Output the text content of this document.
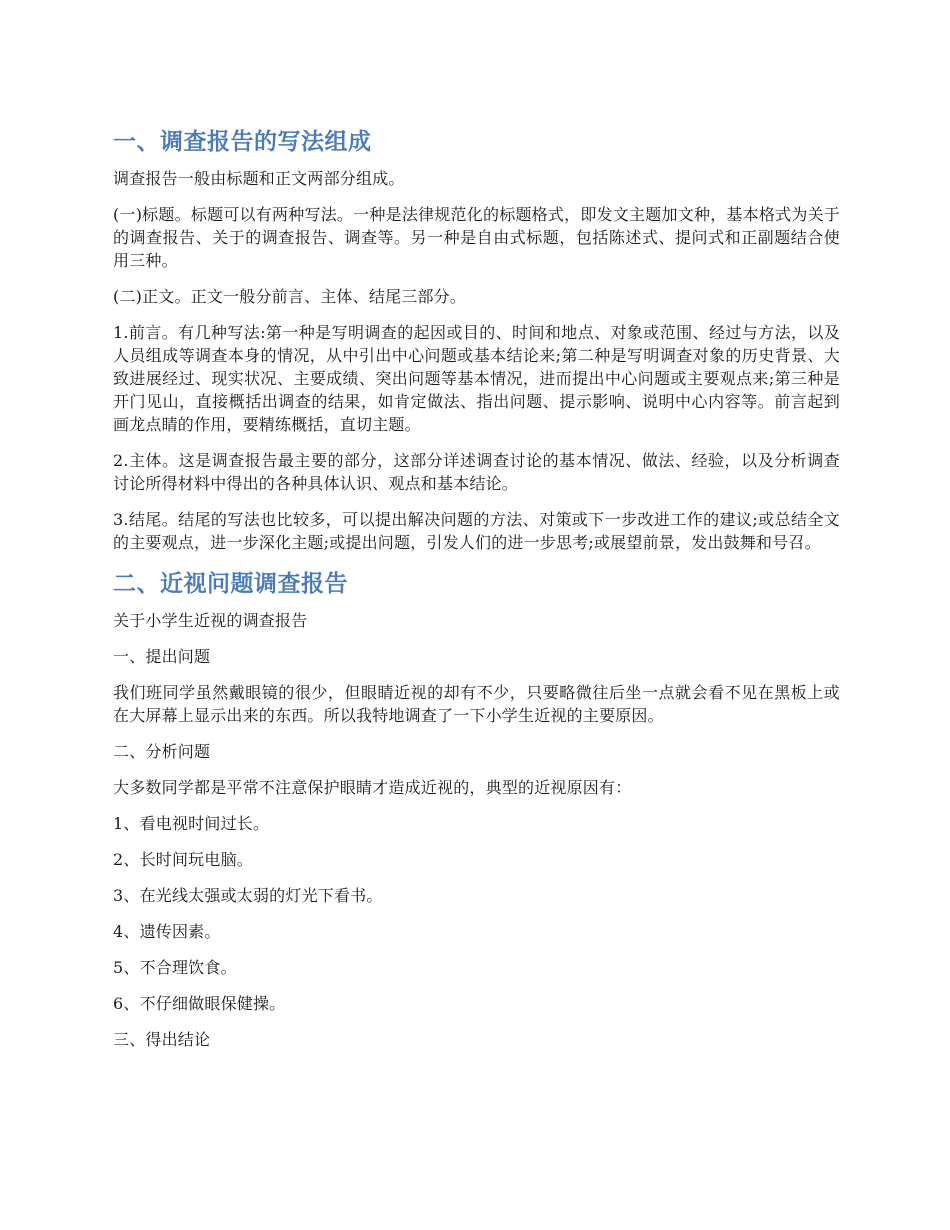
一、调查报告的写法组成

调查报告一般由标题和正文两部分组成。

(一)标题。标题可以有两种写法。一种是法律规范化的标题格式，即发文主题加文种，基本格式为关于的调查报告、关于的调查报告、调查等。另一种是自由式标题，包括陈述式、提问式和正副题结合使用三种。

(二)正文。正文一般分前言、主体、结尾三部分。

1.前言。有几种写法:第一种是写明调查的起因或目的、时间和地点、对象或范围、经过与方法，以及人员组成等调查本身的情况，从中引出中心问题或基本结论来;第二种是写明调查对象的历史背景、大致进展经过、现实状况、主要成绩、突出问题等基本情况，进而提出中心问题或主要观点来;第三种是开门见山，直接概括出调查的结果，如肯定做法、指出问题、提示影响、说明中心内容等。前言起到画龙点睛的作用，要精练概括，直切主题。

2.主体。这是调查报告最主要的部分，这部分详述调查讨论的基本情况、做法、经验，以及分析调查讨论所得材料中得出的各种具体认识、观点和基本结论。

3.结尾。结尾的写法也比较多，可以提出解决问题的方法、对策或下一步改进工作的建议;或总结全文的主要观点，进一步深化主题;或提出问题，引发人们的进一步思考;或展望前景，发出鼓舞和号召。

二、近视问题调查报告

关于小学生近视的调查报告

一、提出问题

我们班同学虽然戴眼镜的很少，但眼睛近视的却有不少，只要略微往后坐一点就会看不见在黑板上或在大屏幕上显示出来的东西。所以我特地调查了一下小学生近视的主要原因。

二、分析问题

大多数同学都是平常不注意保护眼睛才造成近视的，典型的近视原因有：

1、看电视时间过长。

2、长时间玩电脑。

3、在光线太强或太弱的灯光下看书。

4、遗传因素。

5、不合理饮食。

6、不仔细做眼保健操。

三、得出结论
